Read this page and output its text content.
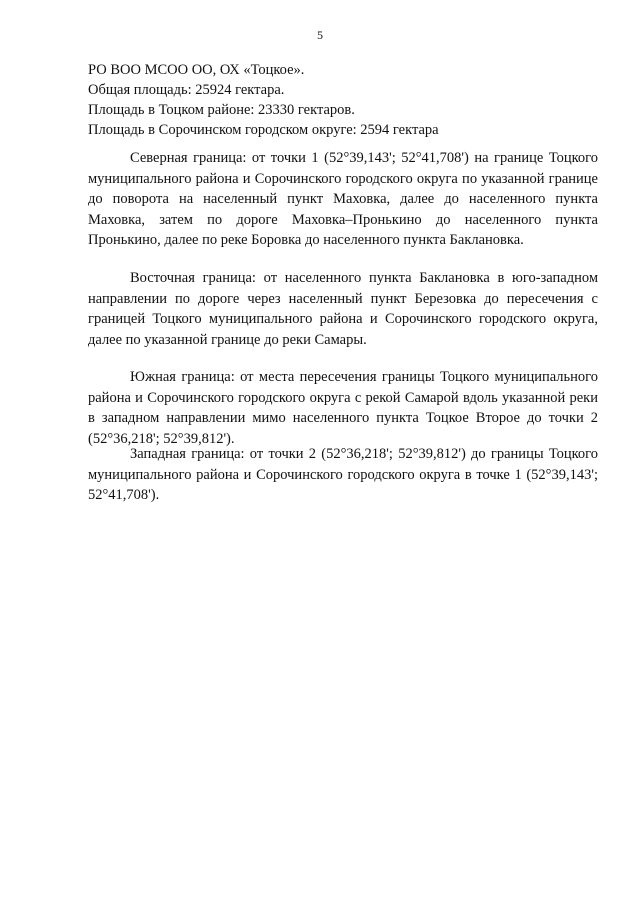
5
РО ВОО МСОО ОО, ОХ «Тоцкое».
Общая площадь: 25924 гектара.
Площадь в Тоцком районе: 23330 гектаров.
Площадь в Сорочинском городском округе: 2594 гектара

Северная граница: от точки 1 (52°39,143'; 52°41,708') на границе Тоцкого муниципального района и Сорочинского городского округа по указанной границе до поворота на населенный пункт Маховка, далее до населенного пункта Маховка, затем по дороге Маховка–Пронькино до населенного пункта Пронькино, далее по реке Боровка до населенного пункта Баклановка.

Восточная граница: от населенного пункта Баклановка в юго-западном направлении по дороге через населенный пункт Березовка до пересечения с границей Тоцкого муниципального района и Сорочинского городского округа, далее по указанной границе до реки Самары.

Южная граница: от места пересечения границы Тоцкого муниципального района и Сорочинского городского округа с рекой Самарой вдоль указанной реки в западном направлении мимо населенного пункта Тоцкое Второе до точки 2 (52°36,218'; 52°39,812').

Западная граница: от точки 2 (52°36,218'; 52°39,812') до границы Тоцкого муниципального района и Сорочинского городского округа в точке 1 (52°39,143'; 52°41,708').
